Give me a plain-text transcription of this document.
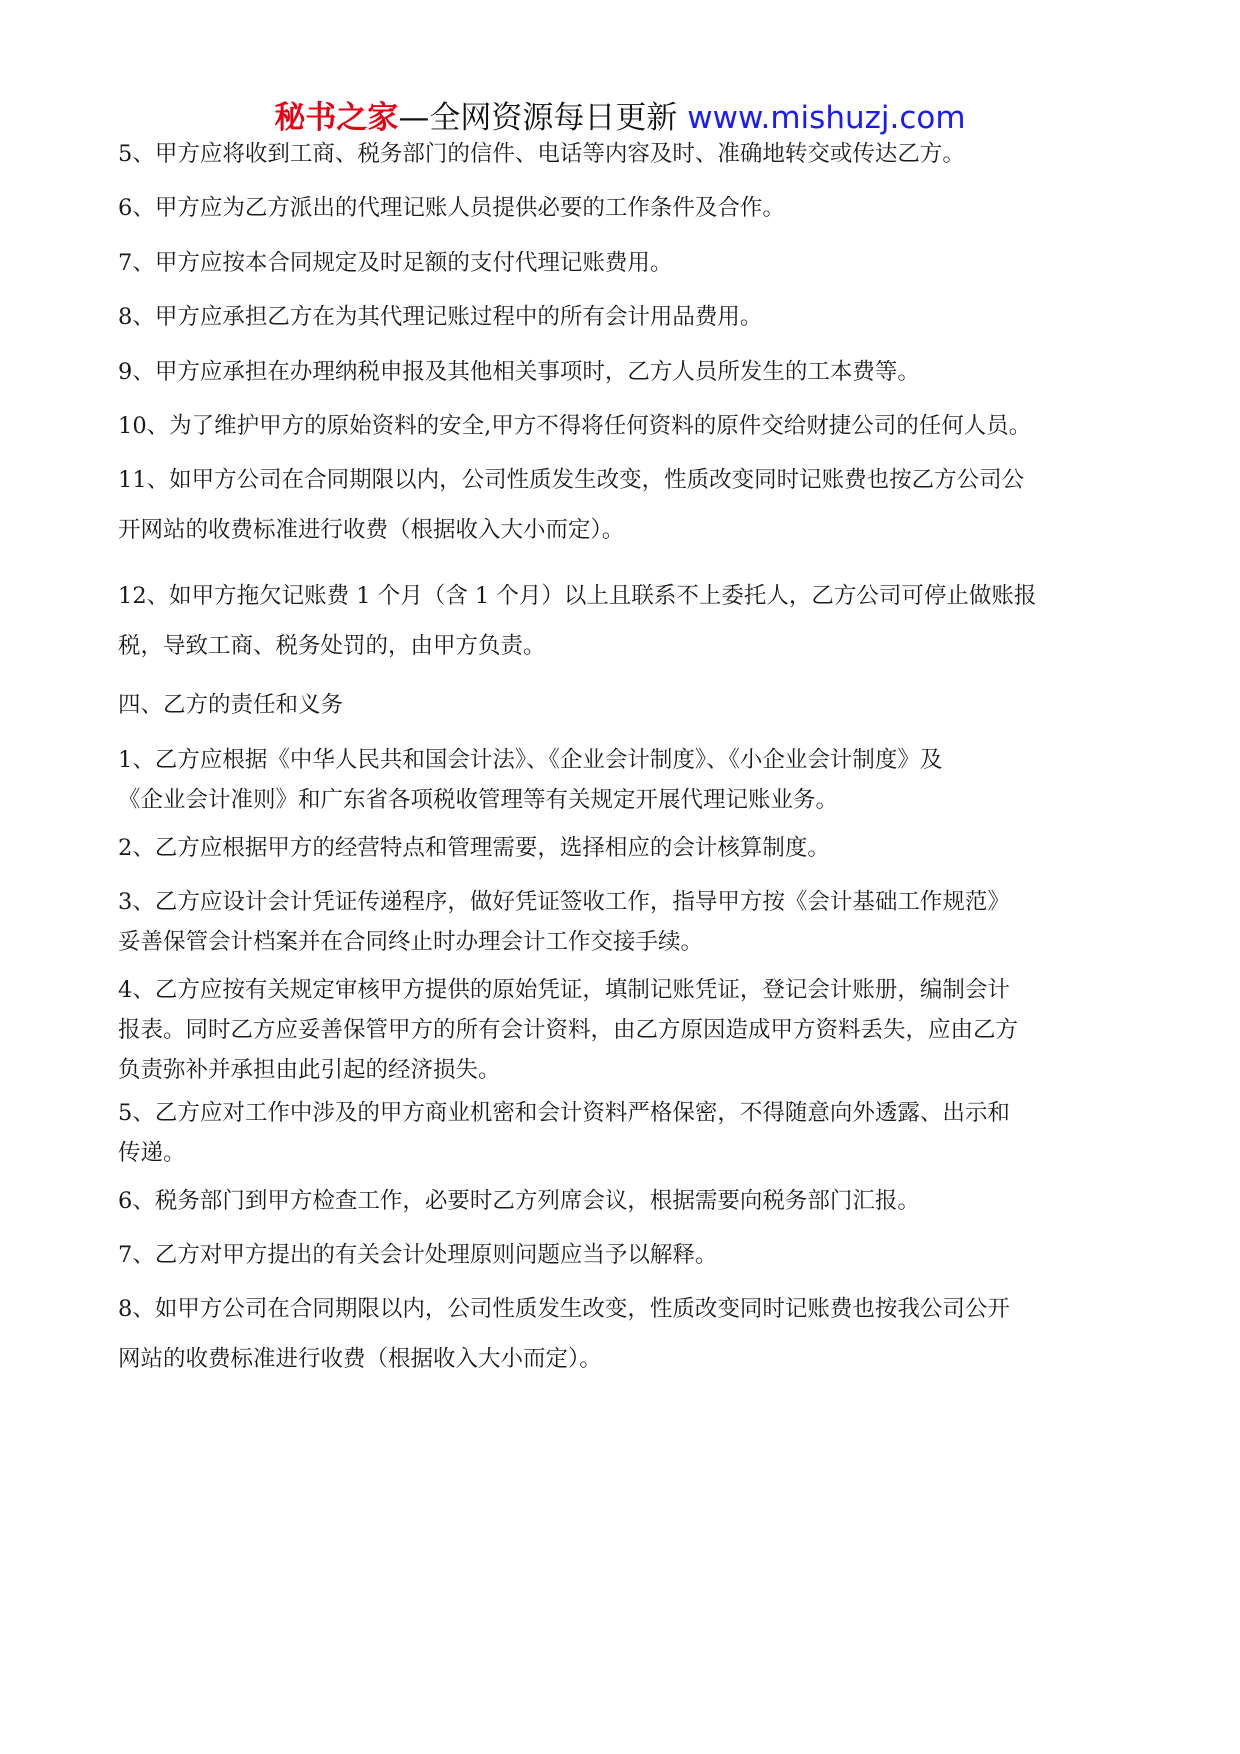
秘书之家—全网资源每日更新 www.mishuzj.com
5、甲方应将收到工商、税务部门的信件、电话等内容及时、准确地转交或传达乙方。
6、甲方应为乙方派出的代理记账人员提供必要的工作条件及合作。
7、甲方应按本合同规定及时足额的支付代理记账费用。
8、甲方应承担乙方在为其代理记账过程中的所有会计用品费用。
9、甲方应承担在办理纳税申报及其他相关事项时，乙方人员所发生的工本费等。
10、为了维护甲方的原始资料的安全,甲方不得将任何资料的原件交给财捷公司的任何人员。
11、如甲方公司在合同期限以内，公司性质发生改变，性质改变同时记账费也按乙方公司公
开网站的收费标准进行收费（根据收入大小而定）。
12、如甲方拖欠记账费 1 个月（含 1 个月）以上且联系不上委托人，乙方公司可停止做账报
税，导致工商、税务处罚的，由甲方负责。
四、乙方的责任和义务
1、乙方应根据《中华人民共和国会计法》、《企业会计制度》、《小企业会计制度》及
《企业会计准则》和广东省各项税收管理等有关规定开展代理记账业务。
2、乙方应根据甲方的经营特点和管理需要，选择相应的会计核算制度。
3、乙方应设计会计凭证传递程序，做好凭证签收工作，指导甲方按《会计基础工作规范》
妥善保管会计档案并在合同终止时办理会计工作交接手续。
4、乙方应按有关规定审核甲方提供的原始凭证，填制记账凭证，登记会计账册，编制会计
报表。同时乙方应妥善保管甲方的所有会计资料，由乙方原因造成甲方资料丢失，应由乙方
负责弥补并承担由此引起的经济损失。
5、乙方应对工作中涉及的甲方商业机密和会计资料严格保密，不得随意向外透露、出示和
传递。
6、税务部门到甲方检查工作，必要时乙方列席会议，根据需要向税务部门汇报。
7、乙方对甲方提出的有关会计处理原则问题应当予以解释。
8、如甲方公司在合同期限以内，公司性质发生改变，性质改变同时记账费也按我公司公开
网站的收费标准进行收费（根据收入大小而定）。
